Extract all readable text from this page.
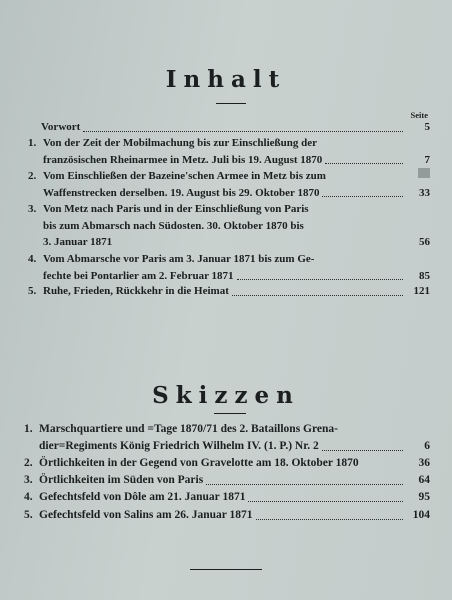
Inhalt
Seite
Vorwort	5
1. Von der Zeit der Mobilmachung bis zur Einschließung der
französischen Rheinarmee in Metz. Juli bis 19. August 1870	7
2. Vom Einschließen der Bazeine'schen Armee in Metz bis zum
Waffenstrecken derselben. 19. August bis 29. Oktober 1870	33
3. Von Metz nach Paris und in der Einschließung von Paris
bis zum Abmarsch nach Südosten. 30. Oktober 1870 bis
3. Januar 1871	56
4. Vom Abmarsche vor Paris am 3. Januar 1871 bis zum Ge-
fechte bei Pontarlier am 2. Februar 1871	85
5. Ruhe, Frieden, Rückkehr in die Heimat	121
Skizzen
1. Marschquartiere und =Tage 1870/71 des 2. Bataillons Grena-
dier=Regiments König Friedrich Wilhelm IV. (1. P.) Nr. 2	6
2. Örtlichkeiten in der Gegend von Gravelotte am 18. Oktober 1870	36
3. Örtlichkeiten im Süden von Paris	64
4. Gefechtsfeld von Dôle am 21. Januar 1871	95
5. Gefechtsfeld von Salins am 26. Januar 1871	104
